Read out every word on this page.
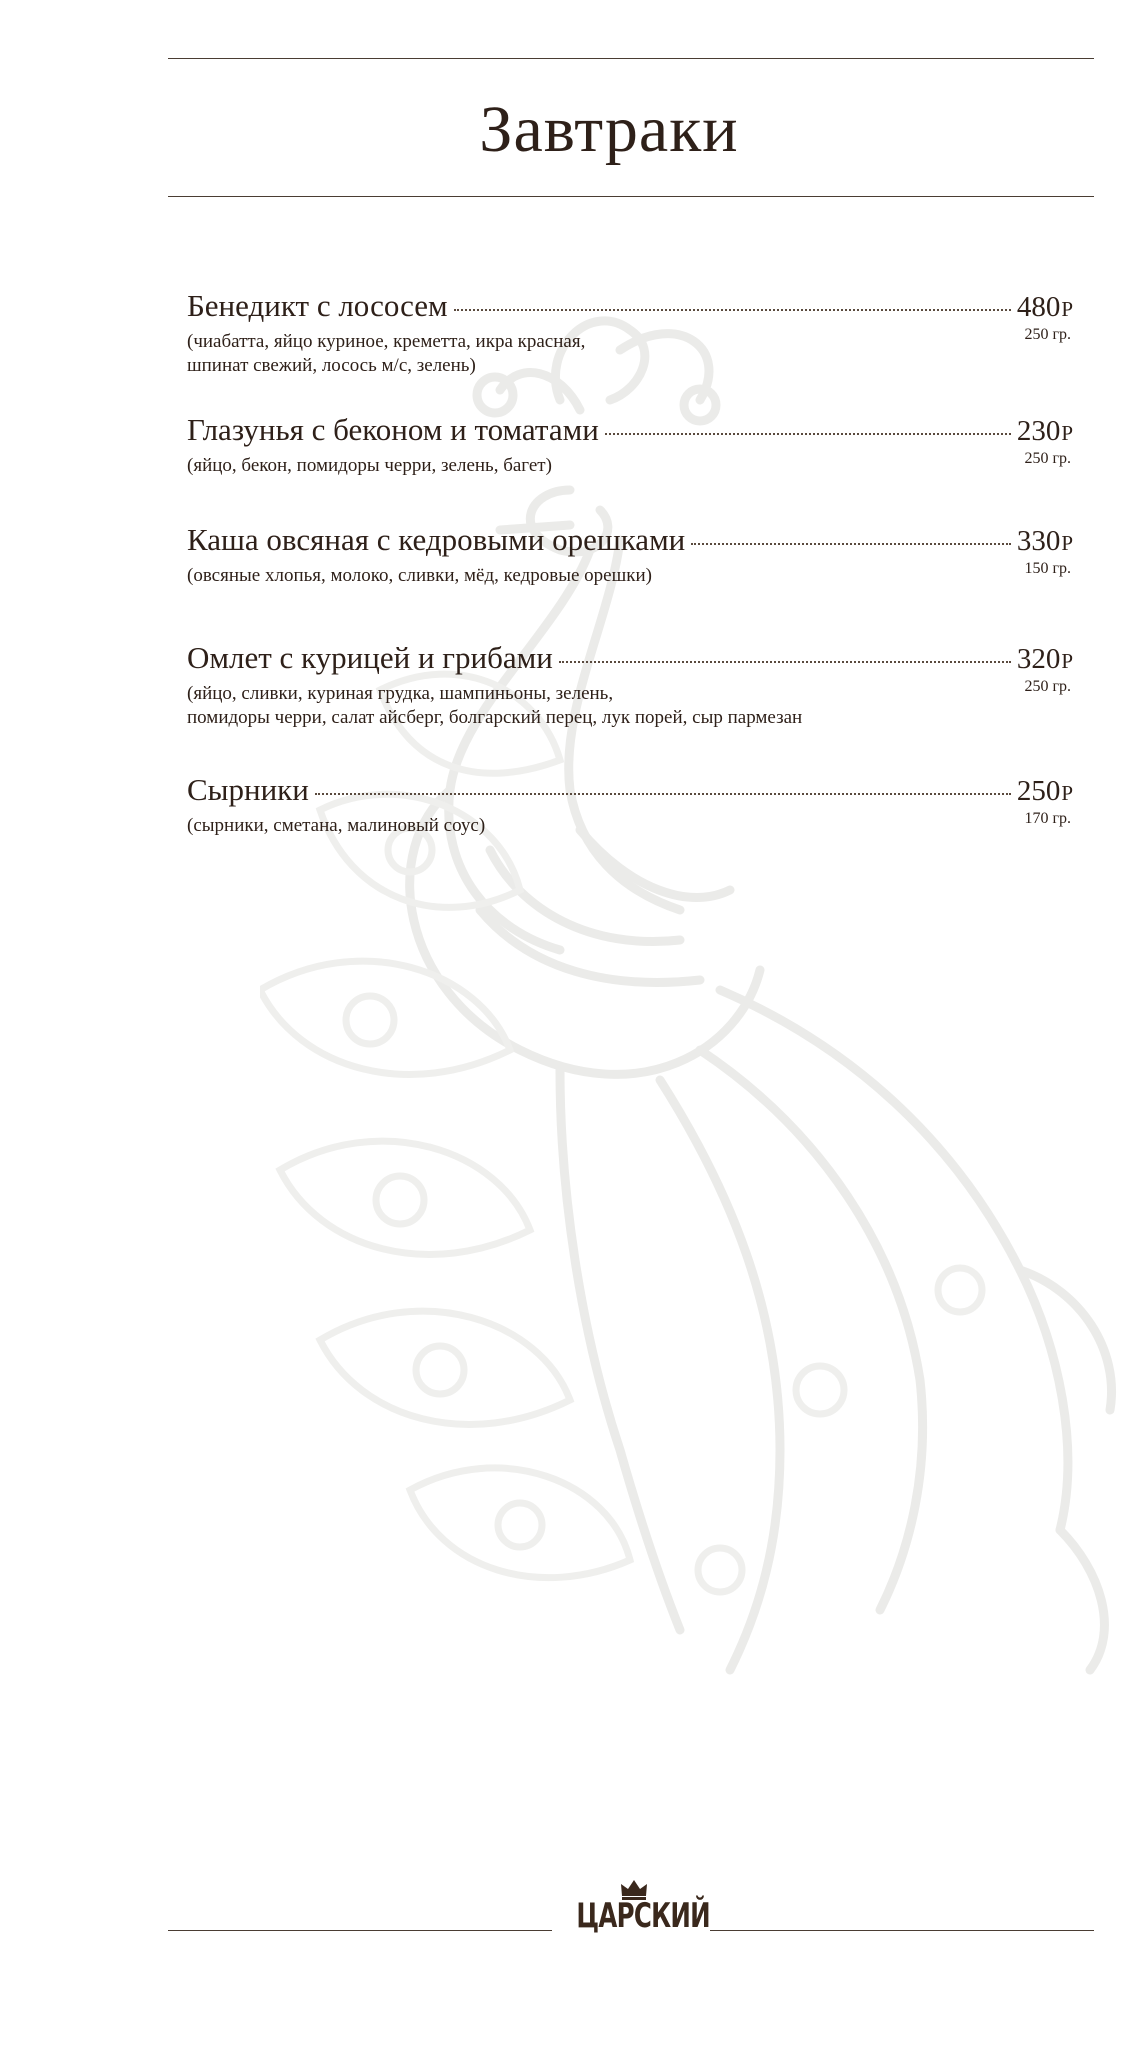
Завтраки
Бенедикт с лососем	480Р
250 гр.
(чиабатта, яйцо куриное, креметта, икра красная,
шпинат свежий, лосось м/с, зелень)
Глазунья с беконом и томатами	230Р
250 гр.
(яйцо, бекон, помидоры черри, зелень, багет)
Каша овсяная с кедровыми орешками	330Р
150 гр.
(овсяные хлопья, молоко, сливки, мёд, кедровые орешки)
Омлет с курицей и грибами	320Р
250 гр.
(яйцо, сливки, куриная грудка, шампиньоны, зелень,
помидоры черри, салат айсберг, болгарский перец, лук порей, сыр пармезан
Сырники	250Р
170 гр.
(сырники, сметана, малиновый соус)
ЦАРСКИЙ
